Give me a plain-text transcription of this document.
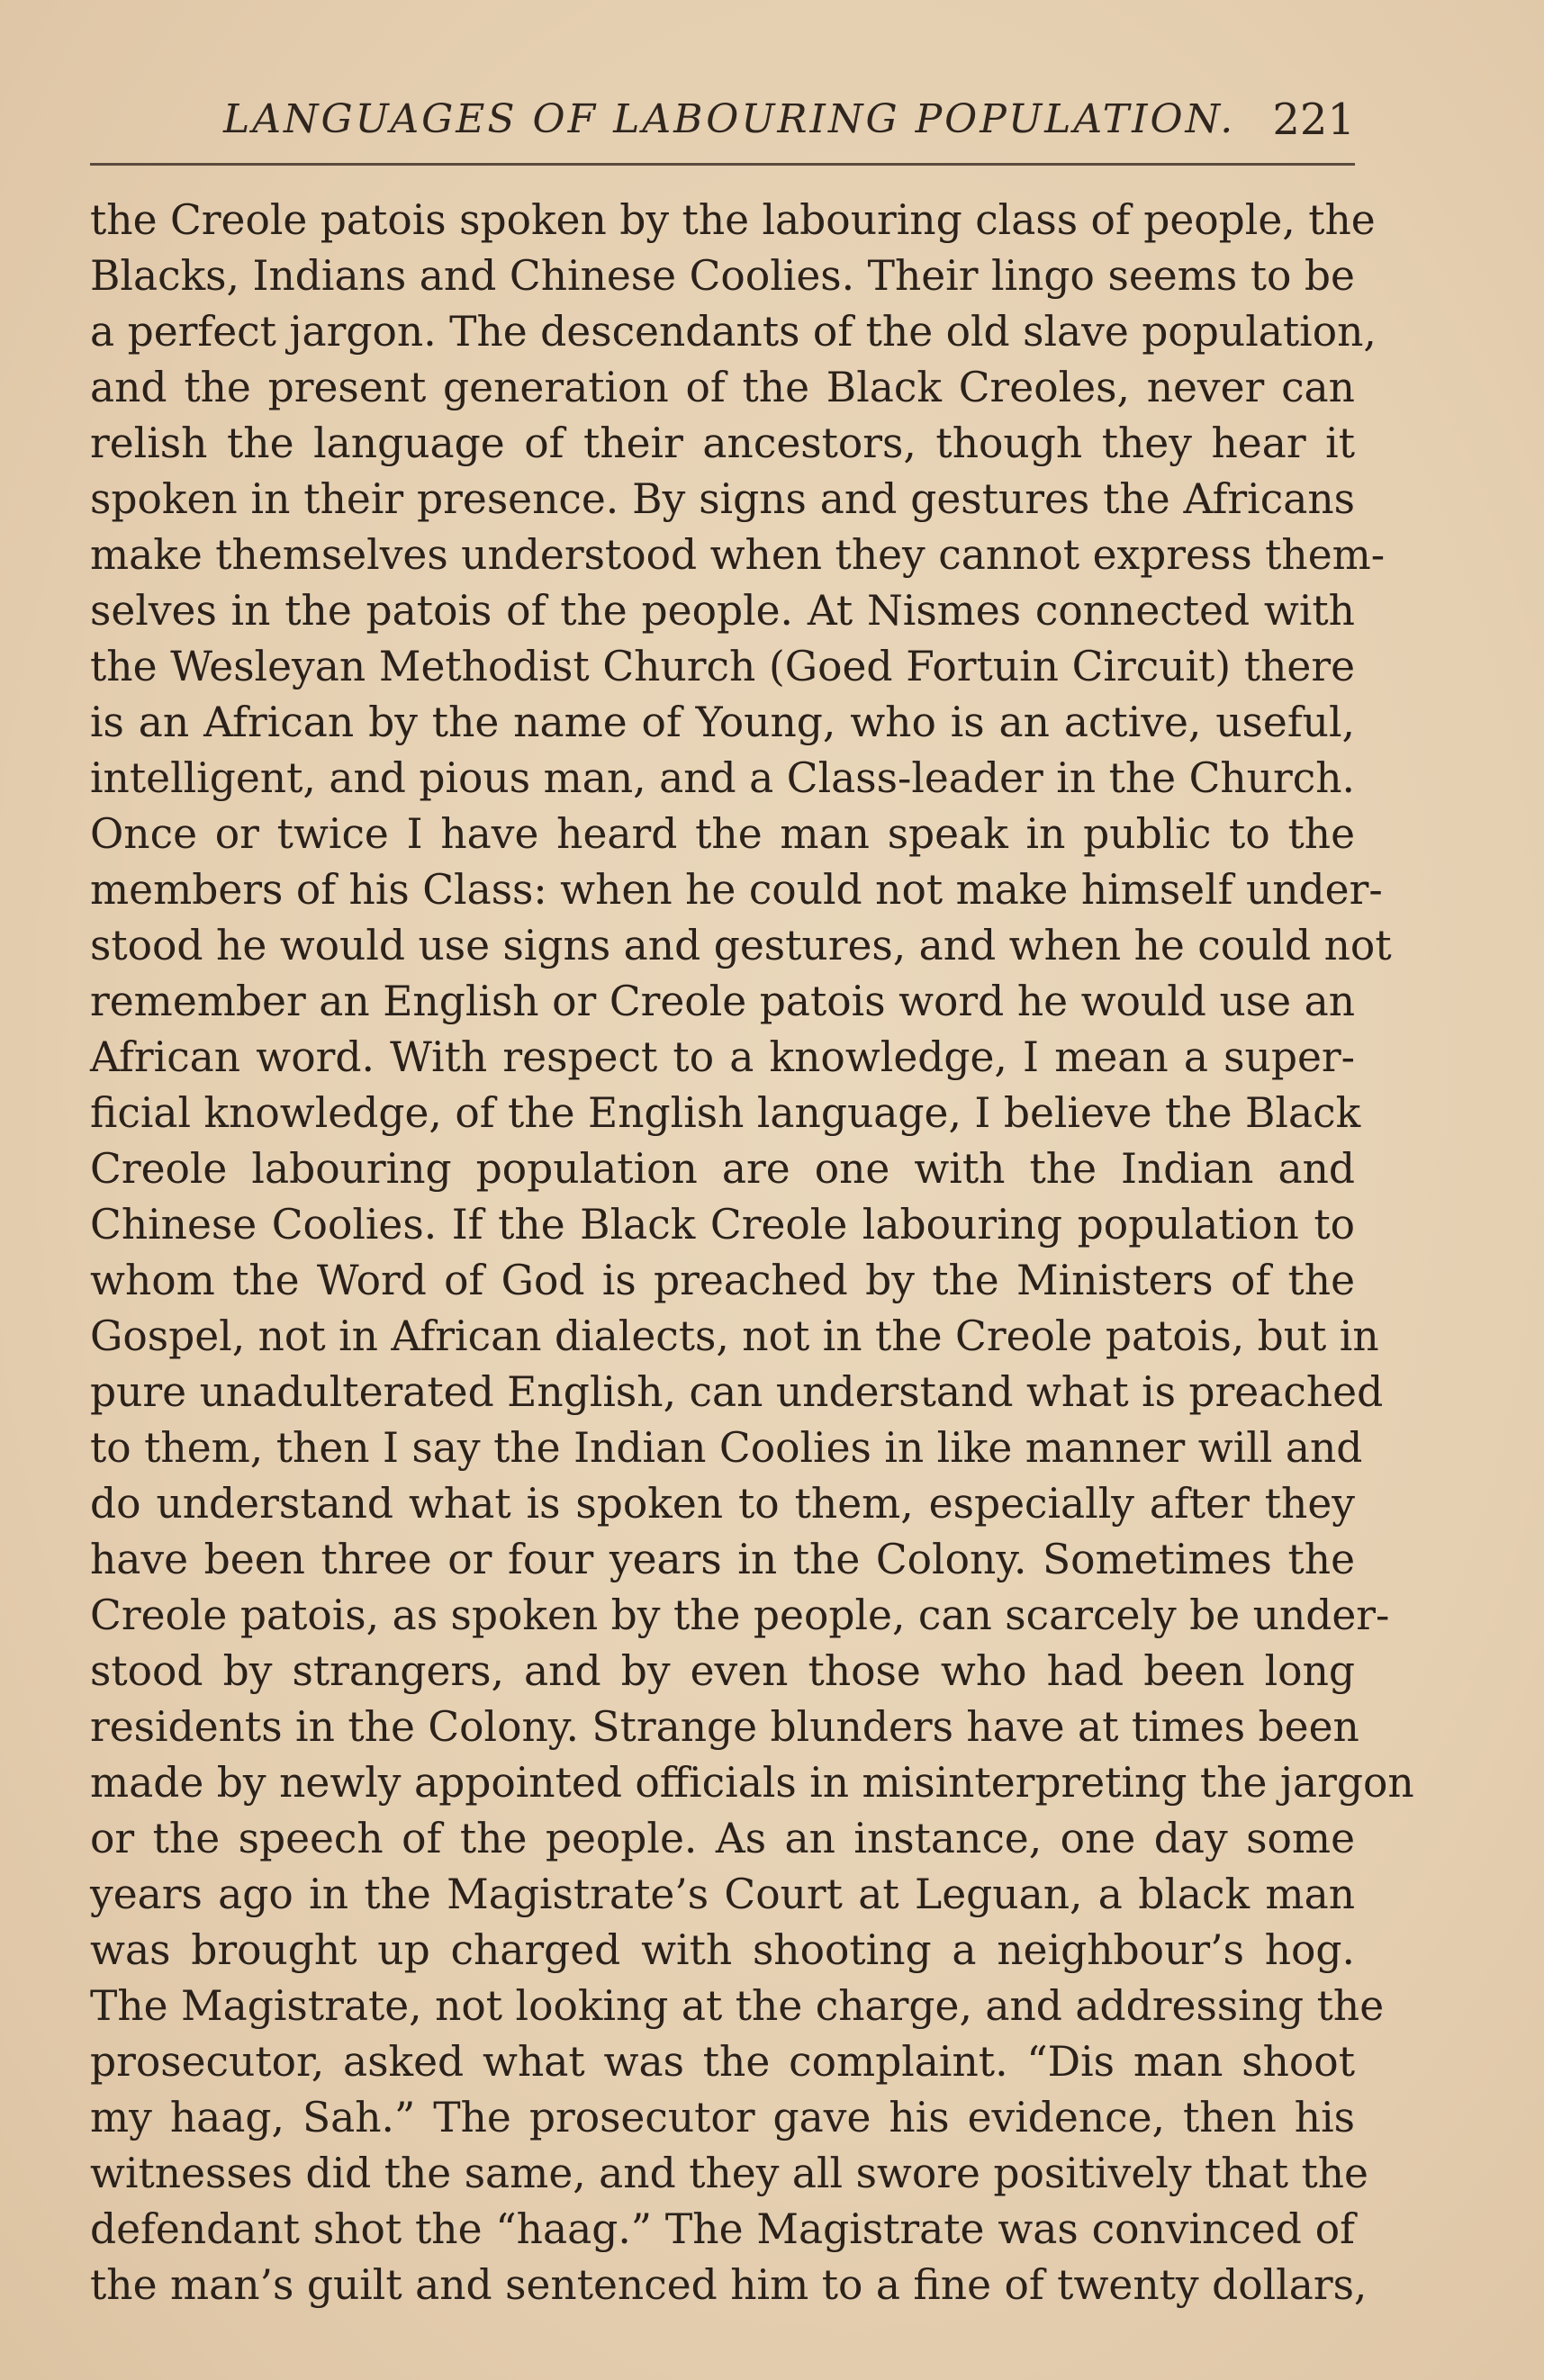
LANGUAGES OF LABOURING POPULATION. 221
the Creole patois spoken by the labouring class of people, the
Blacks, Indians and Chinese Coolies. Their lingo seems to be
a perfect jargon. The descendants of the old slave population,
and the present generation of the Black Creoles, never can
relish the language of their ancestors, though they hear it
spoken in their presence. By signs and gestures the Africans
make themselves understood when they cannot express them-
selves in the patois of the people. At Nismes connected with
the Wesleyan Methodist Church (Goed Fortuin Circuit) there
is an African by the name of Young, who is an active, useful,
intelligent, and pious man, and a Class-leader in the Church.
Once or twice I have heard the man speak in public to the
members of his Class: when he could not make himself under-
stood he would use signs and gestures, and when he could not
remember an English or Creole patois word he would use an
African word. With respect to a knowledge, I mean a super-
ficial knowledge, of the English language, I believe the Black
Creole labouring population are one with the Indian and
Chinese Coolies. If the Black Creole labouring population to
whom the Word of God is preached by the Ministers of the
Gospel, not in African dialects, not in the Creole patois, but in
pure unadulterated English, can understand what is preached
to them, then I say the Indian Coolies in like manner will and
do understand what is spoken to them, especially after they
have been three or four years in the Colony. Sometimes the
Creole patois, as spoken by the people, can scarcely be under-
stood by strangers, and by even those who had been long
residents in the Colony. Strange blunders have at times been
made by newly appointed officials in misinterpreting the jargon
or the speech of the people. As an instance, one day some
years ago in the Magistrate’s Court at Leguan, a black man
was brought up charged with shooting a neighbour’s hog.
The Magistrate, not looking at the charge, and addressing the
prosecutor, asked what was the complaint. “Dis man shoot
my haag, Sah.” The prosecutor gave his evidence, then his
witnesses did the same, and they all swore positively that the
defendant shot the “haag.” The Magistrate was convinced of
the man’s guilt and sentenced him to a fine of twenty dollars,
